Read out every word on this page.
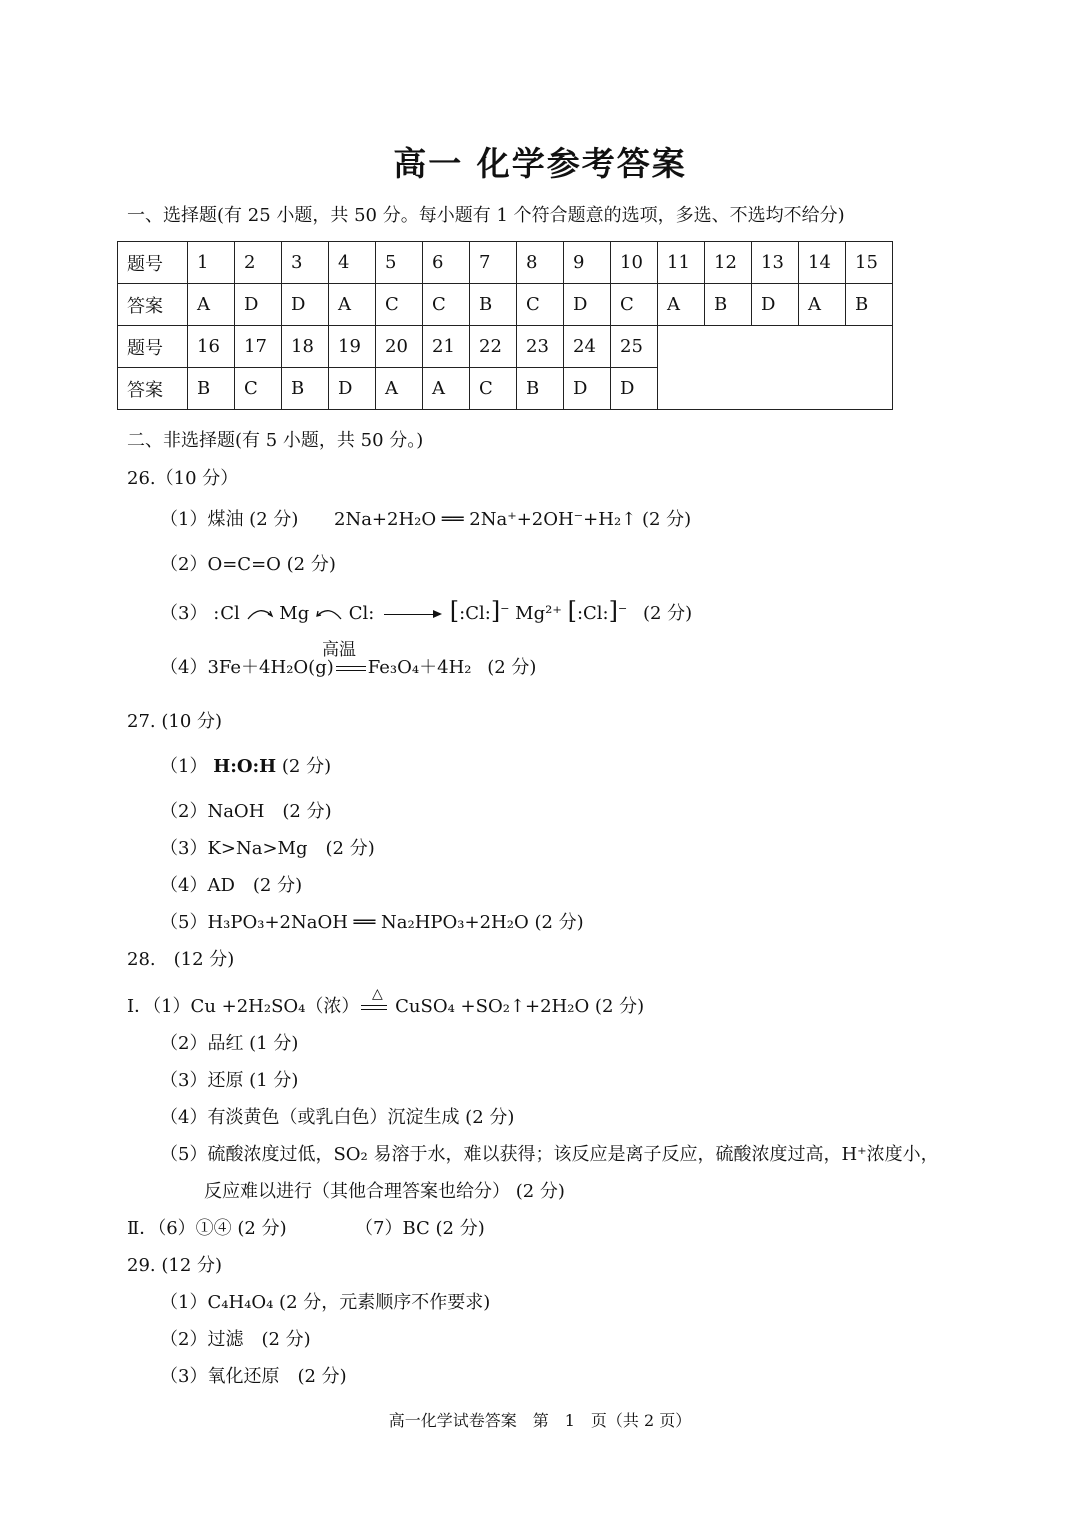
高一 化学参考答案
一、选择题(有 25 小题，共 50 分。每小题有 1 个符合题意的选项，多选、不选均不给分)
题号	1	2	3	4	5	6	7	8	9	10	11	12	13	14	15
答案	A	D	D	A	C	C	B	C	D	C	A	B	D	A	B
题号	16	17	18	19	20	21	22	23	24	25					
答案	B	C	B	D	A	A	C	B	D	D					
二、非选择题(有 5 小题，共 50 分。)
26.（10 分）
（1）煤油 (2 分) 2Na+2H₂O ══ 2Na⁺+2OH⁻+H₂↑ (2 分)
（2）O=C=O (2 分)
（3） :Cl Mg Cl: → [:Cl:]− Mg²⁺ [:Cl:]− (2 分)
高温
（4）3Fe＋4H₂O(g) Fe₃O₄＋4H₂ (2 分)
27. (10 分)
（1） H:O:H (2 分)
（2）NaOH　(2 分)
（3）K>Na>Mg　(2 分)
（4）AD　(2 分)
（5）H₃PO₃+2NaOH ══ Na₂HPO₃+2H₂O (2 分)
28.　(12 分)
△
Ⅰ．（1）Cu +2H₂SO₄（浓） CuSO₄ +SO₂↑+2H₂O (2 分)
（2）品红 (1 分)
（3）还原 (1 分)
（4）有淡黄色（或乳白色）沉淀生成 (2 分)
（5）硫酸浓度过低，SO₂ 易溶于水，难以获得；该反应是离子反应，硫酸浓度过高，H⁺浓度小，
反应难以进行（其他合理答案也给分） (2 分)
Ⅱ．（6）①④ (2 分)	（7）BC (2 分)
29. (12 分)
（1）C₄H₄O₄ (2 分，元素顺序不作要求)
（2）过滤　(2 分)
（3）氧化还原　(2 分)
高一化学试卷答案　第　1　页（共 2 页）
